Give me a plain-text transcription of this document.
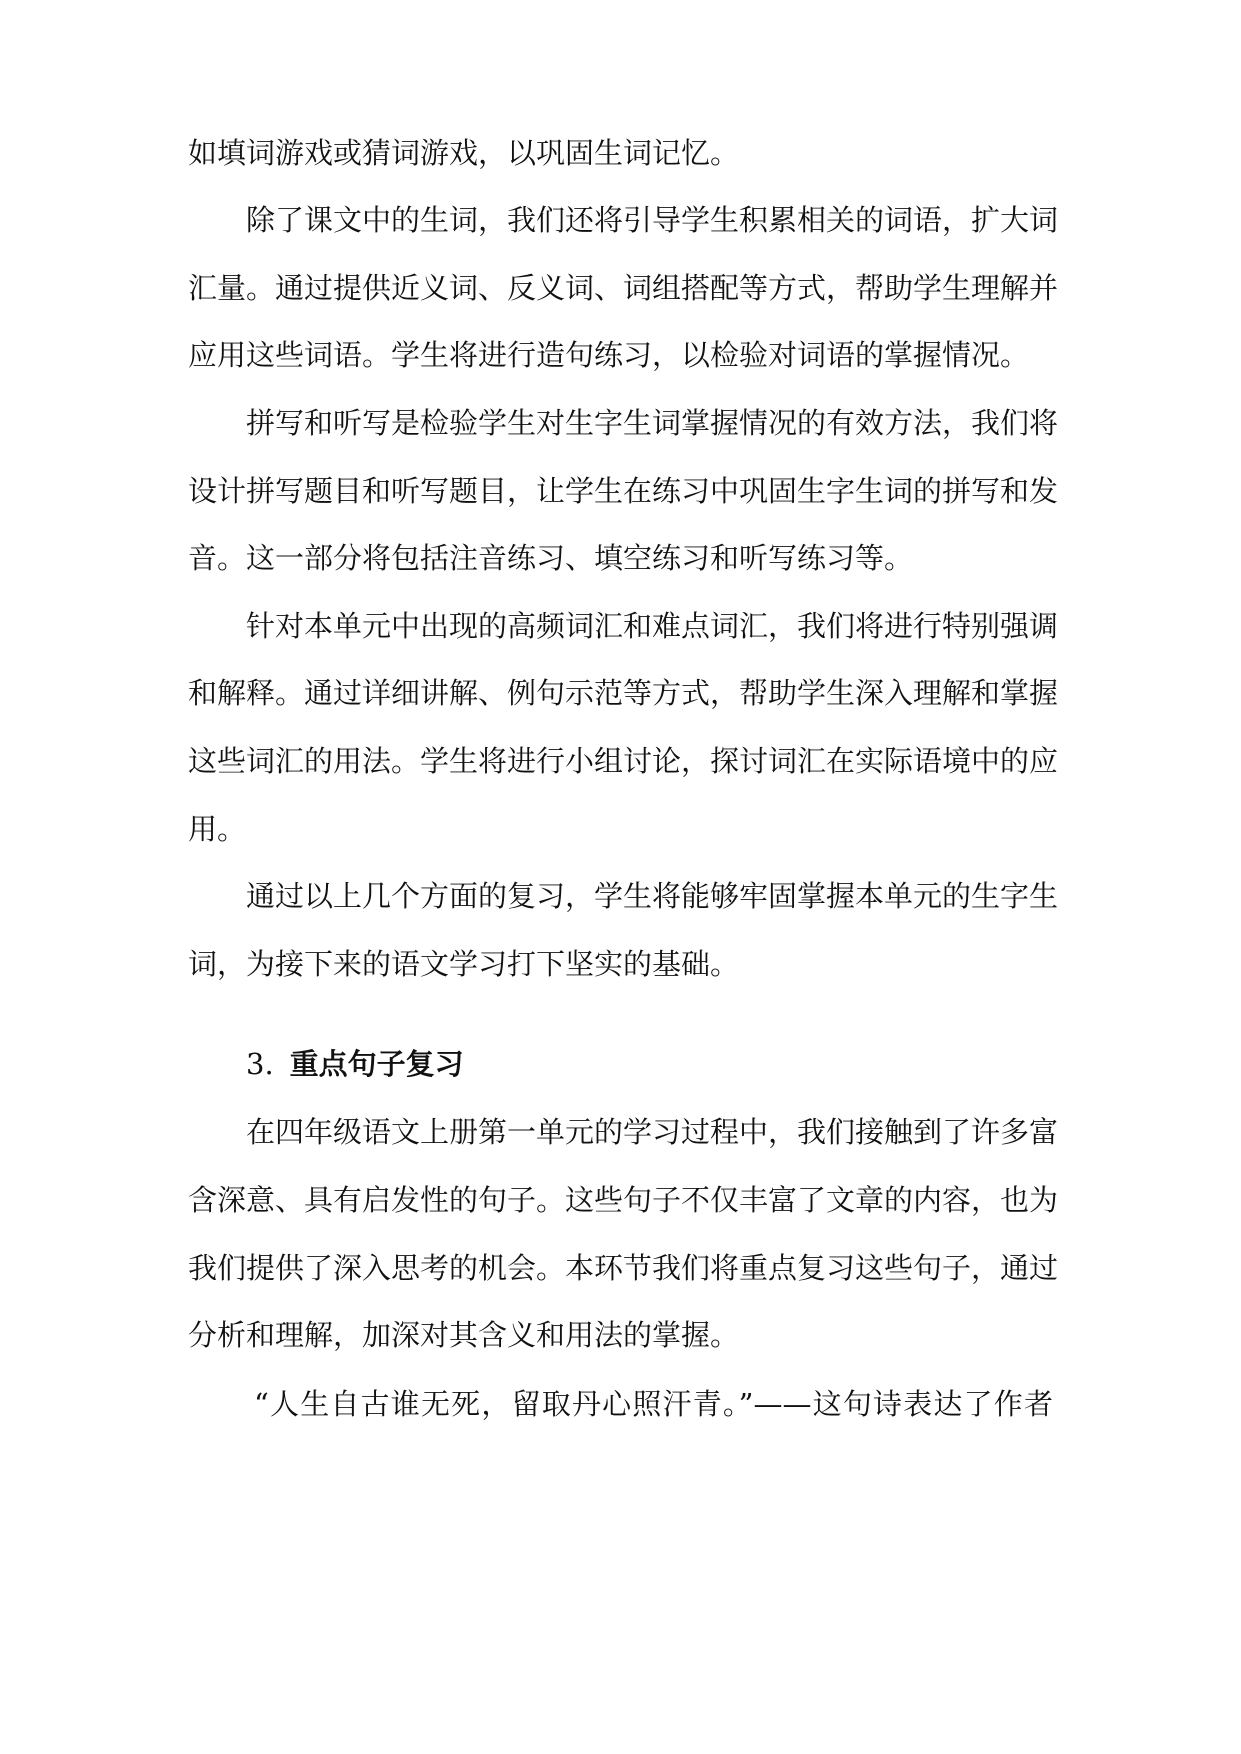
如填词游戏或猜词游戏，以巩固生词记忆。
除了课文中的生词，我们还将引导学生积累相关的词语，扩大词
汇量。通过提供近义词、反义词、词组搭配等方式，帮助学生理解并
应用这些词语。学生将进行造句练习，以检验对词语的掌握情况。
拼写和听写是检验学生对生字生词掌握情况的有效方法，我们将
设计拼写题目和听写题目，让学生在练习中巩固生字生词的拼写和发
音。这一部分将包括注音练习、填空练习和听写练习等。
针对本单元中出现的高频词汇和难点词汇，我们将进行特别强调
和解释。通过详细讲解、例句示范等方式，帮助学生深入理解和掌握
这些词汇的用法。学生将进行小组讨论，探讨词汇在实际语境中的应
用。
通过以上几个方面的复习，学生将能够牢固掌握本单元的生字生
词，为接下来的语文学习打下坚实的基础。
3. 重点句子复习
在四年级语文上册第一单元的学习过程中，我们接触到了许多富
含深意、具有启发性的句子。这些句子不仅丰富了文章的内容，也为
我们提供了深入思考的机会。本环节我们将重点复习这些句子，通过
分析和理解，加深对其含义和用法的掌握。
“人生自古谁无死，留取丹心照汗青。”——这句诗表达了作者
